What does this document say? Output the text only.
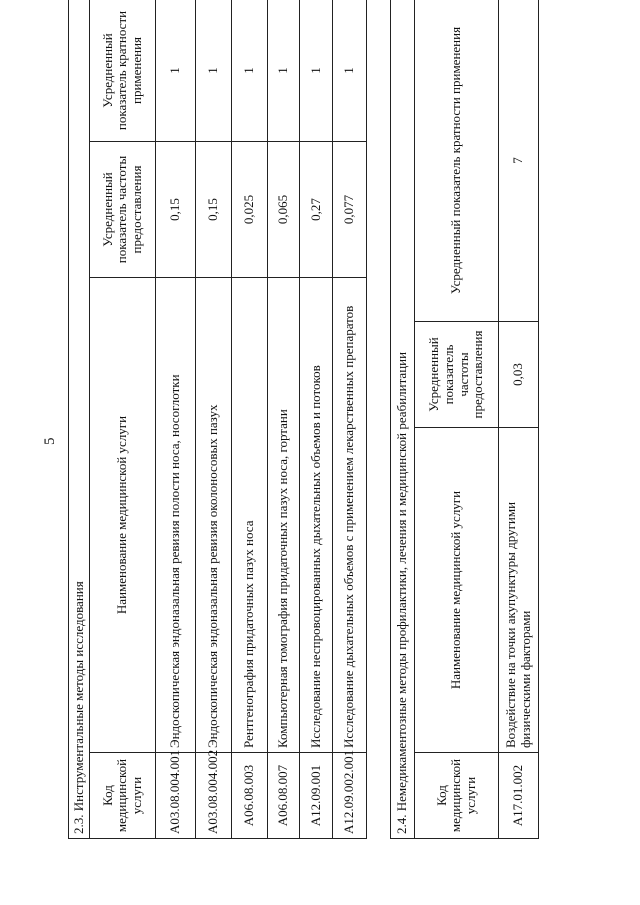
5
2.3. Инструментальные методы исследования			
Код медицинской услуги	Наименование медицинской услуги	Усредненный показатель частоты предоставления	Усредненный показатель кратности применения
A03.08.004.001	Эндоскопическая эндоназальная ревизия полости носа, носоглотки	0,15	1
A03.08.004.002	Эндоскопическая эндоназальная ревизия околоносовых пазух	0,15	1
A06.08.003	Рентгенография придаточных пазух носа	0,025	1
A06.08.007	Компьютерная томография придаточных пазух носа, гортани	0,065	1
A12.09.001	Исследование неспровоцированных дыхательных объемов и потоков	0,27	1
A12.09.002.001	Исследование дыхательных объемов с применением лекарственных препаратов	0,077	1
2.4. Немедикаментозные методы профилактики, лечения и медицинской реабилитации			
Код медицинской услуги	Наименование медицинской услуги	Усредненный показатель частоты предоставления	Усредненный показатель кратности применения
A17.01.002	Воздействие на точки акупунктуры другими физическими факторами	0,03	7
